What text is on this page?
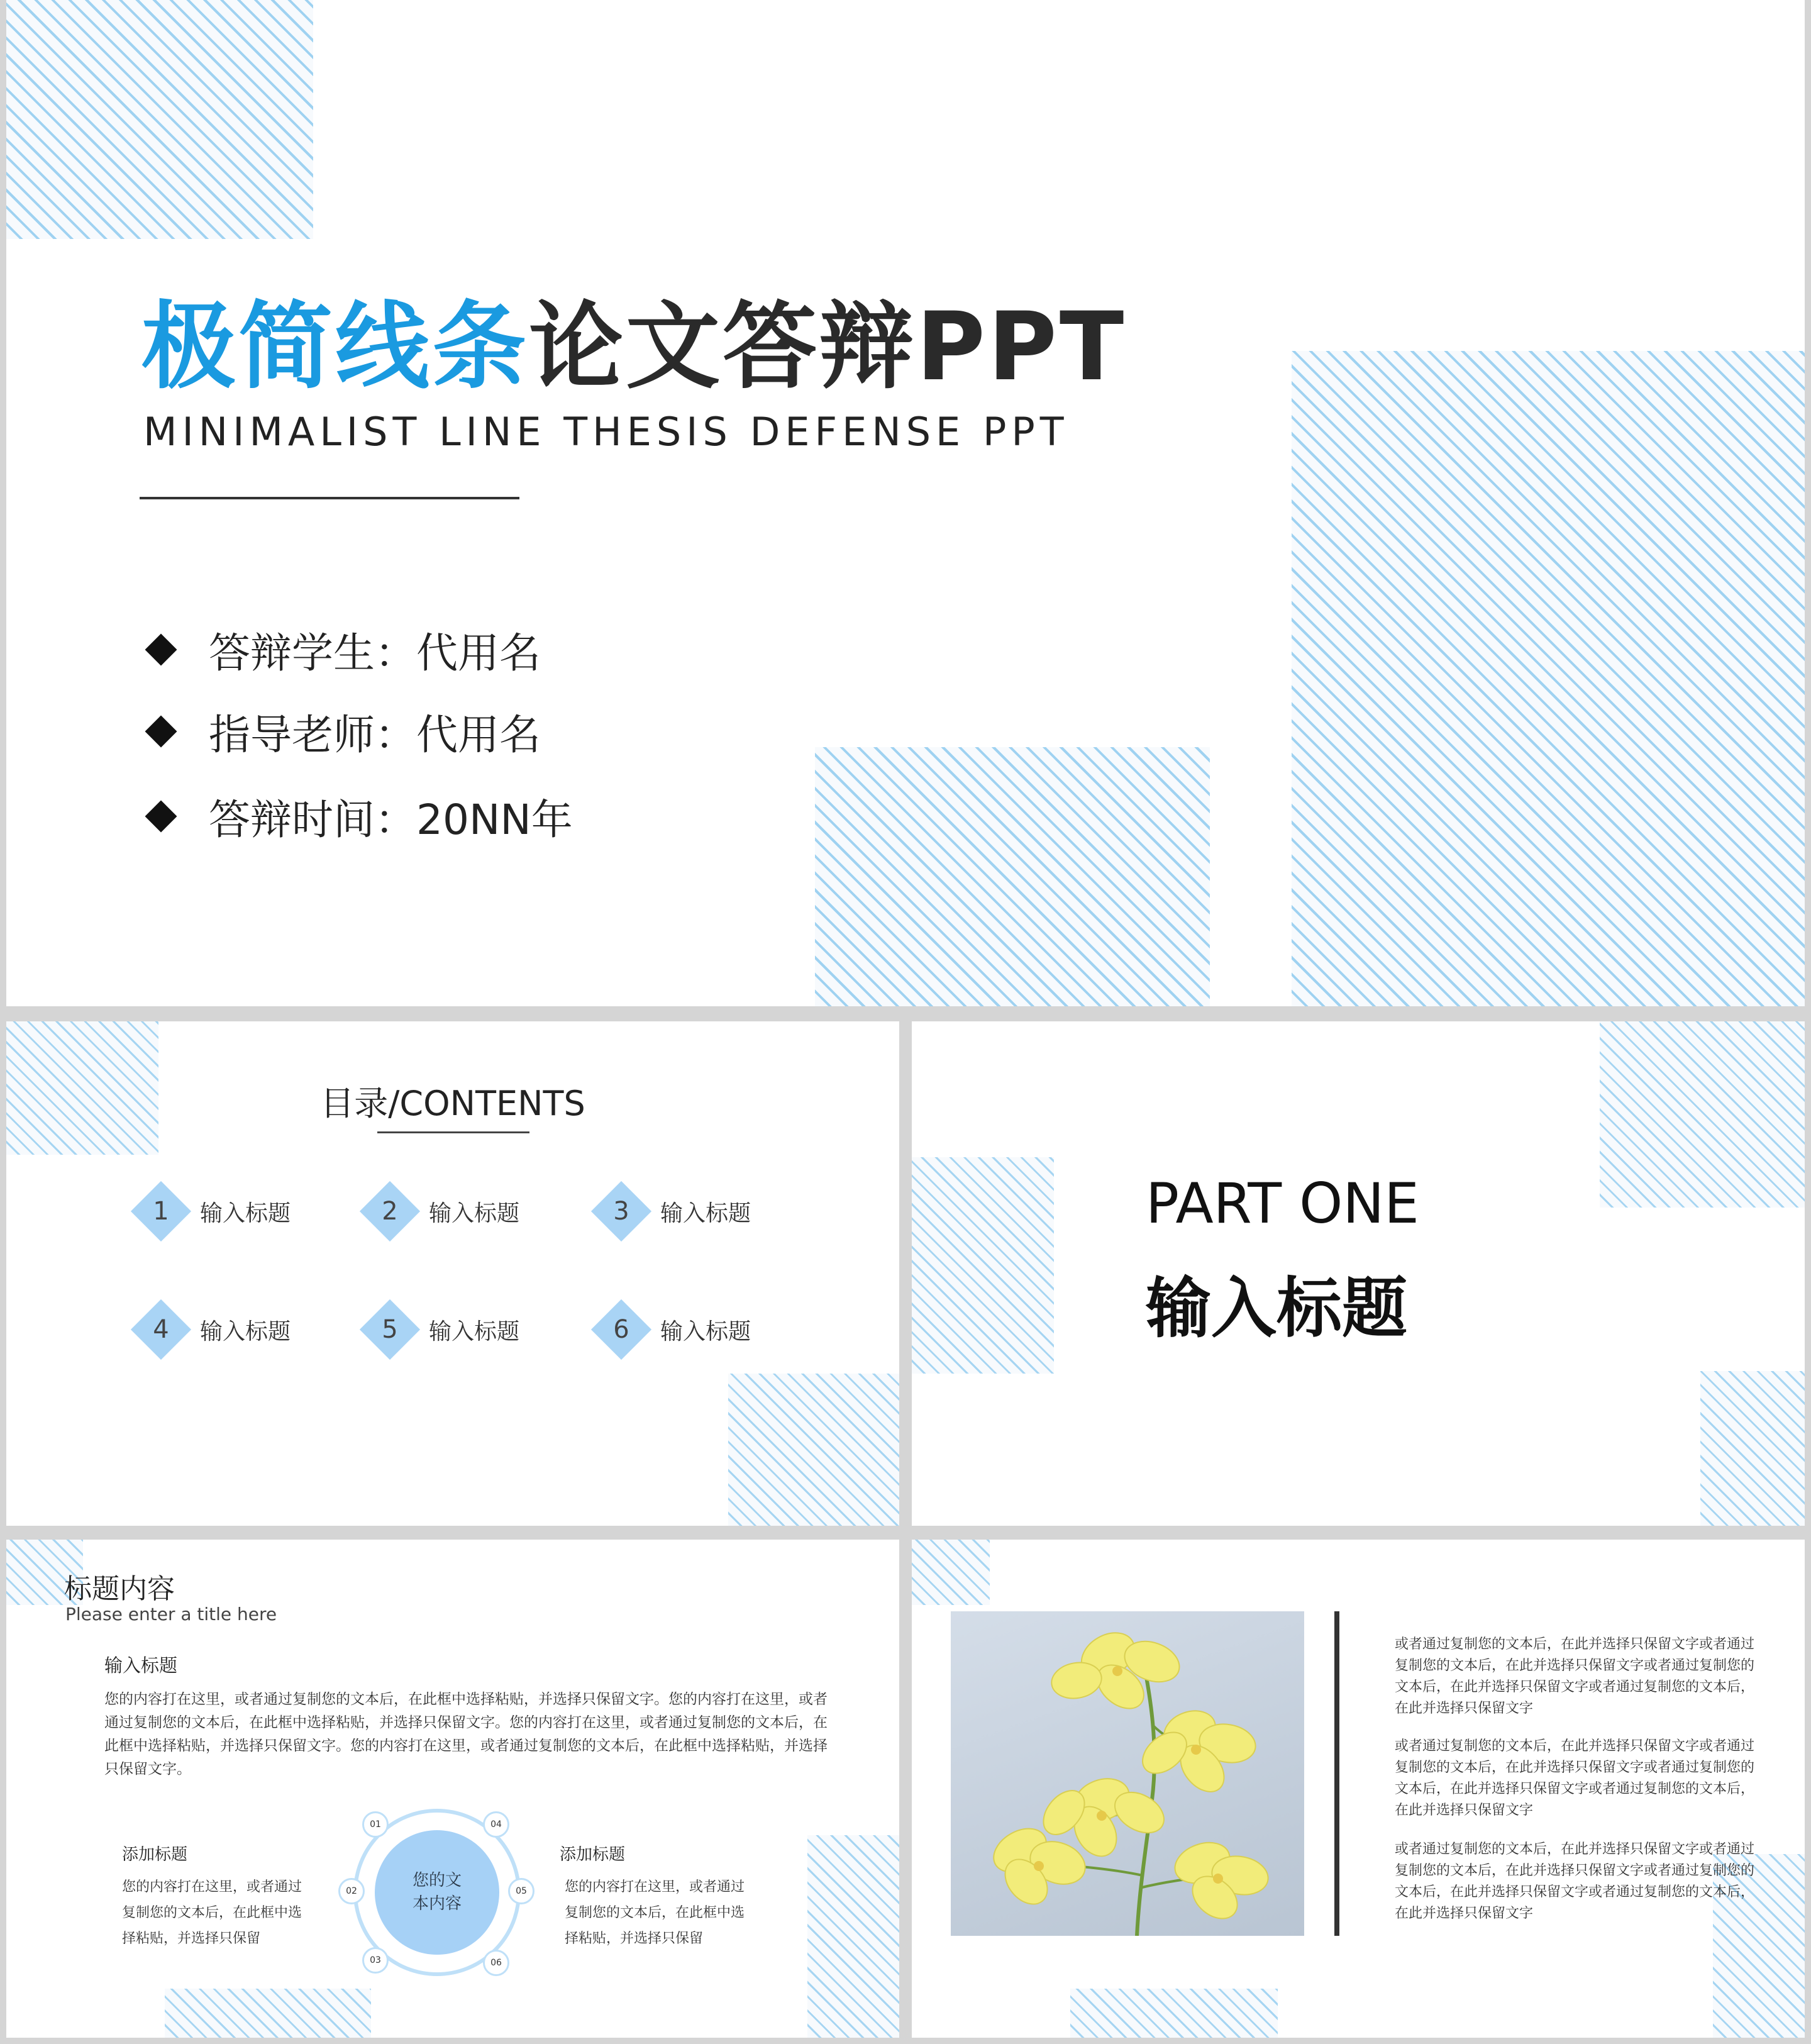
极简线条论文答辩PPT
MINIMALIST LINE THESIS DEFENSE PPT
答辩学生：代用名
指导老师：代用名
答辩时间：20NN年
目录/CONTENTS
1	输入标题	2	输入标题	3	输入标题
4	输入标题	5	输入标题	6	输入标题
PART ONE
输入标题
标题内容
Please enter a title here
输入标题
您的内容打在这里，或者通过复制您的文本后，在此框中选择粘贴，并选择只保留文字。您的内容打在这里，或者通过复制您的文本后，在此框中选择粘贴，并选择只保留文字。您的内容打在这里，或者通过复制您的文本后，在此框中选择粘贴，并选择只保留文字。您的内容打在这里，或者通过复制您的文本后，在此框中选择粘贴，并选择只保留文字。
添加标题
您的内容打在这里，或者通过复制您的文本后，在此框中选择粘贴，并选择只保留
添加标题
您的内容打在这里，或者通过复制您的文本后，在此框中选择粘贴，并选择只保留
您的文
本内容
01
02
03
04
05
06
或者通过复制您的文本后，在此并选择只保留文字或者通过复制您的文本后，在此并选择只保留文字或者通过复制您的文本后，在此并选择只保留文字或者通过复制您的文本后，在此并选择只保留文字
或者通过复制您的文本后，在此并选择只保留文字或者通过复制您的文本后，在此并选择只保留文字或者通过复制您的文本后，在此并选择只保留文字或者通过复制您的文本后，在此并选择只保留文字
或者通过复制您的文本后，在此并选择只保留文字或者通过复制您的文本后，在此并选择只保留文字或者通过复制您的文本后，在此并选择只保留文字或者通过复制您的文本后，在此并选择只保留文字
